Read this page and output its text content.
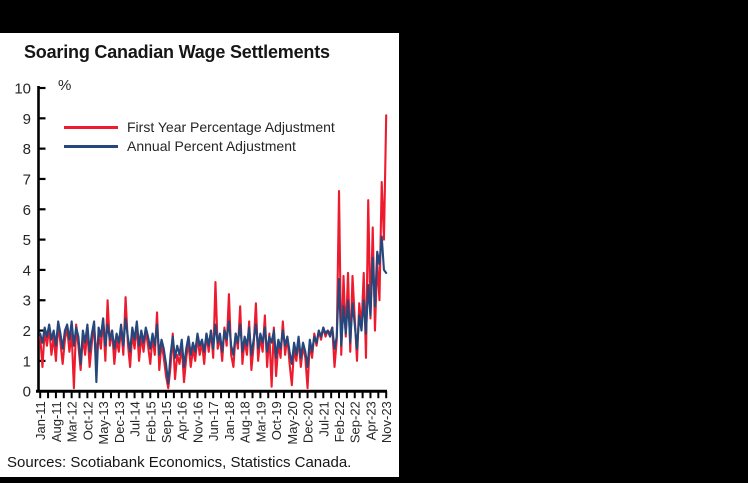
Soaring Canadian Wage Settlements
0
1
2
3
4
5
6
7
8
9
10
Jan-11 Aug-11 Mar-12 Oct-12 May-13 Dec-13 Jul-14 Feb-15 Sep-15 Apr-16 Nov-16 Jun-17 Jan-18 Aug-18 Mar-19 Oct-19 May-20 Dec-20 Jul-21 Feb-22 Sep-22 Apr-23 Nov-23
%
First Year Percentage Adjustment
Annual Percent Adjustment
Sources: Scotiabank Economics, Statistics Canada.
